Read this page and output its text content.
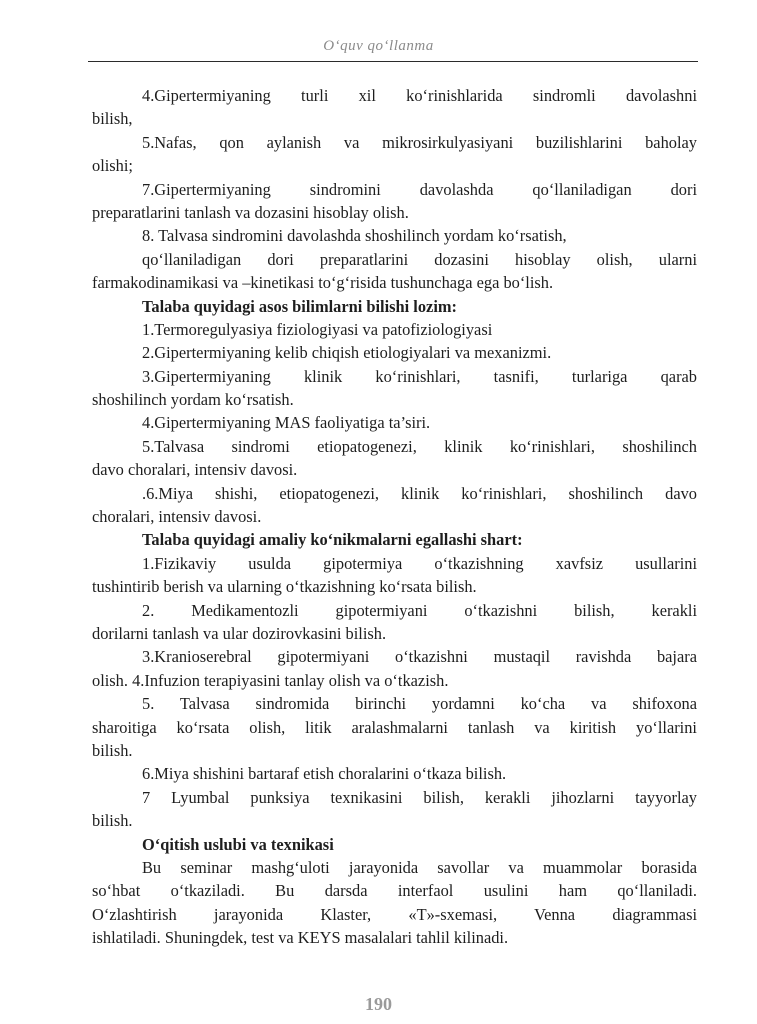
O‘quv qo‘llanma
4.Gipertermiyaning turli xil ko‘rinishlarida sindromli davolashni
bilish,
5.Nafas, qon aylanish va mikrosirkulyasiyani buzilishlarini baholay
olishi;
7.Gipertermiyaning sindromini davolashda qo‘llaniladigan dori
preparatlarini tanlash va dozasini hisoblay olish.
8. Talvasa sindromini davolashda shoshilinch yordam ko‘rsatish,
qo‘llaniladigan dori preparatlarini dozasini hisoblay olish, ularni
farmakodinamikasi va –kinetikasi to‘g‘risida tushunchaga ega bo‘lish.
Talaba quyidagi asos bilimlarni bilishi lozim:
1.Termoregulyasiya fiziologiyasi va patofiziologiyasi
2.Gipertermiyaning kelib chiqish etiologiyalari va mexanizmi.
3.Gipertermiyaning klinik ko‘rinishlari, tasnifi, turlariga qarab
shoshilinch yordam ko‘rsatish.
4.Gipertermiyaning MAS faoliyatiga ta’siri.
5.Talvasa sindromi etiopatogenezi, klinik ko‘rinishlari, shoshilinch
davo choralari, intensiv davosi.
.6.Miya shishi, etiopatogenezi, klinik ko‘rinishlari, shoshilinch davo
choralari, intensiv davosi.
Talaba quyidagi amaliy ko‘nikmalarni egallashi shart:
1.Fizikaviy usulda gipotermiya o‘tkazishning xavfsiz usullarini
tushintirib berish va ularning o‘tkazishning ko‘rsata bilish.
2. Medikamentozli gipotermiyani o‘tkazishni bilish, kerakli
dorilarni tanlash va ular dozirovkasini bilish.
3.Kranioserebral gipotermiyani o‘tkazishni mustaqil ravishda bajara
olish. 4.Infuzion terapiyasini tanlay olish va o‘tkazish.
5. Talvasa sindromida birinchi yordamni ko‘cha va shifoxona
sharoitiga ko‘rsata olish, litik aralashmalarni tanlash va kiritish yo‘llarini
bilish.
6.Miya shishini bartaraf etish choralarini o‘tkaza bilish.
7 Lyumbal punksiya texnikasini bilish, kerakli jihozlarni tayyorlay
bilish.
O‘qitish uslubi va texnikasi
Bu seminar mashg‘uloti jarayonida savollar va muammolar borasida
so‘hbat o‘tkaziladi. Bu darsda interfaol usulini ham qo‘llaniladi.
O‘zlashtirish jarayonida Klaster, «T»-sxemasi, Venna diagrammasi
ishlatiladi. Shuningdek, test va KEYS masalalari tahlil kilinadi.
190
